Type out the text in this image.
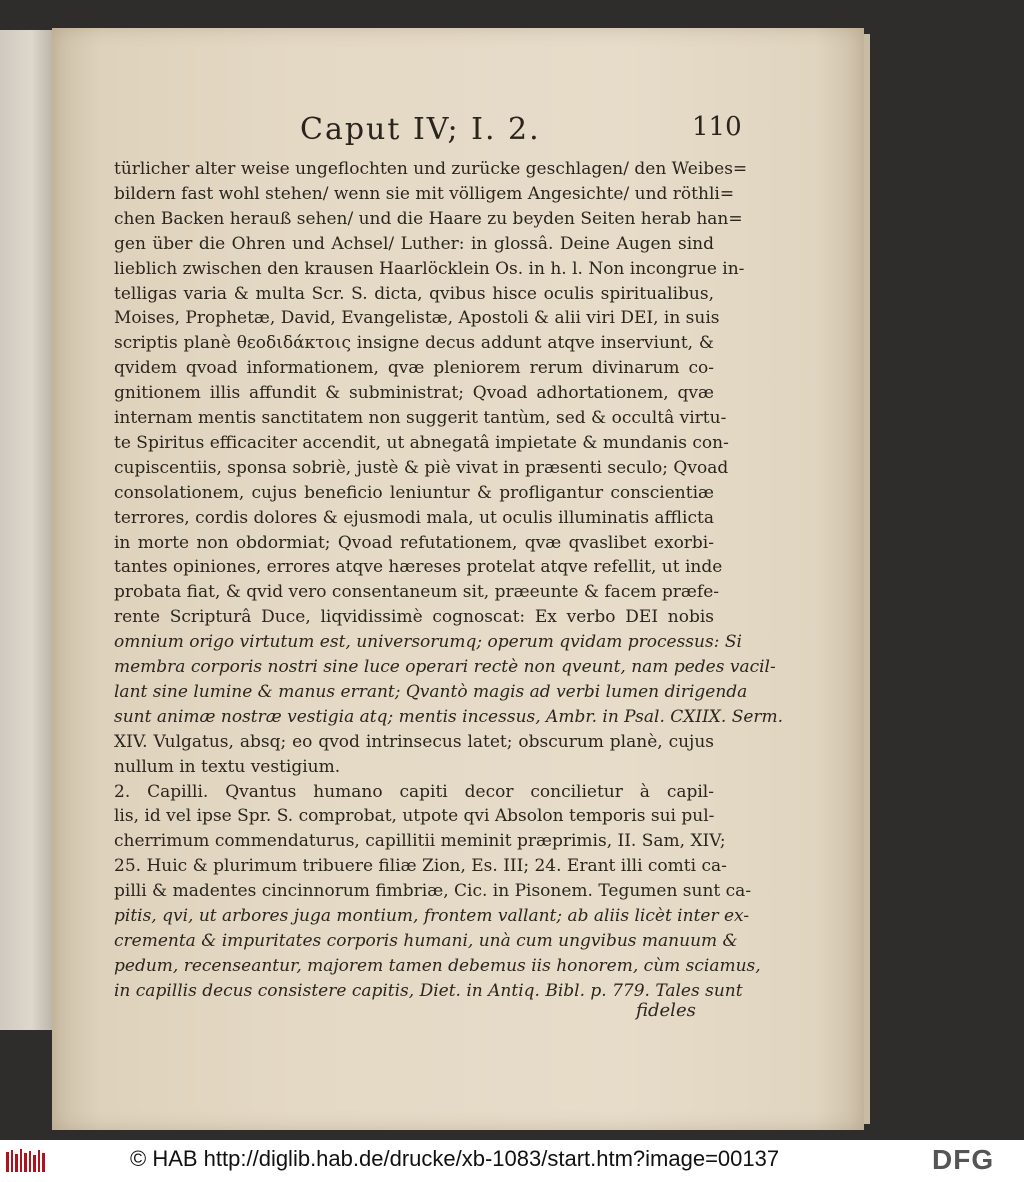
Caput IV; I. 2.	110
türlicher alter weise ungeflochten und zurücke geschlagen/ den Weibes=
bildern fast wohl stehen/ wenn sie mit völligem Angesichte/ und röthli=
chen Backen herauß sehen/ und die Haare zu beyden Seiten herab han=
gen über die Ohren und Achsel/ Luther: in glossâ. Deine Augen sind
lieblich zwischen den krausen Haarlöcklein Os. in h. l. Non incongrue in-
telligas varia & multa Scr. S. dicta, qvibus hisce oculis spiritualibus,
Moises, Prophetæ, David, Evangelistæ, Apostoli & alii viri DEI, in suis
scriptis planè θεοδιδάκτοις insigne decus addunt atqve inserviunt, &
qvidem qvoad informationem, qvæ pleniorem rerum divinarum co-
gnitionem illis affundit & subministrat; Qvoad adhortationem, qvæ
internam mentis sanctitatem non suggerit tantùm, sed & occultâ virtu-
te Spiritus efficaciter accendit, ut abnegatâ impietate & mundanis con-
cupiscentiis, sponsa sobriè, justè & piè vivat in præsenti seculo; Qvoad
consolationem, cujus beneficio leniuntur & profligantur conscientiæ
terrores, cordis dolores & ejusmodi mala, ut oculis illuminatis afflicta
in morte non obdormiat; Qvoad refutationem, qvæ qvaslibet exorbi-
tantes opiniones, errores atqve hæreses protelat atqve refellit, ut inde
probata fiat, & qvid vero consentaneum sit, præeunte & facem præfe-
rente Scripturâ Duce, liqvidissimè cognoscat: Ex verbo DEI nobis
omnium origo virtutum est, universorumq; operum qvidam processus: Si
membra corporis nostri sine luce operari rectè non qveunt, nam pedes vacil-
lant sine lumine & manus errant; Qvantò magis ad verbi lumen dirigenda
sunt animæ nostræ vestigia atq; mentis incessus, Ambr. in Psal. CXIIX. Serm.
XIV. Vulgatus, absq; eo qvod intrinsecus latet; obscurum planè, cujus
nullum in textu vestigium.
2. Capilli. Qvantus humano capiti decor concilietur à capil-
lis, id vel ipse Spr. S. comprobat, utpote qvi Absolon temporis sui pul-
cherrimum commendaturus, capillitii meminit præprimis, II. Sam, XIV;
25. Huic & plurimum tribuere filiæ Zion, Es. III; 24. Erant illi comti ca-
pilli & madentes cincinnorum fimbriæ, Cic. in Pisonem. Tegumen sunt ca-
pitis, qvi, ut arbores juga montium, frontem vallant; ab aliis licèt inter ex-
crementa & impuritates corporis humani, unà cum ungvibus manuum &
pedum, recenseantur, majorem tamen debemus iis honorem, cùm sciamus,
in capillis decus consistere capitis, Diet. in Antiq. Bibl. p. 779. Tales sunt
fideles
© HAB http://diglib.hab.de/drucke/xb-1083/start.htm?image=00137	DFG
